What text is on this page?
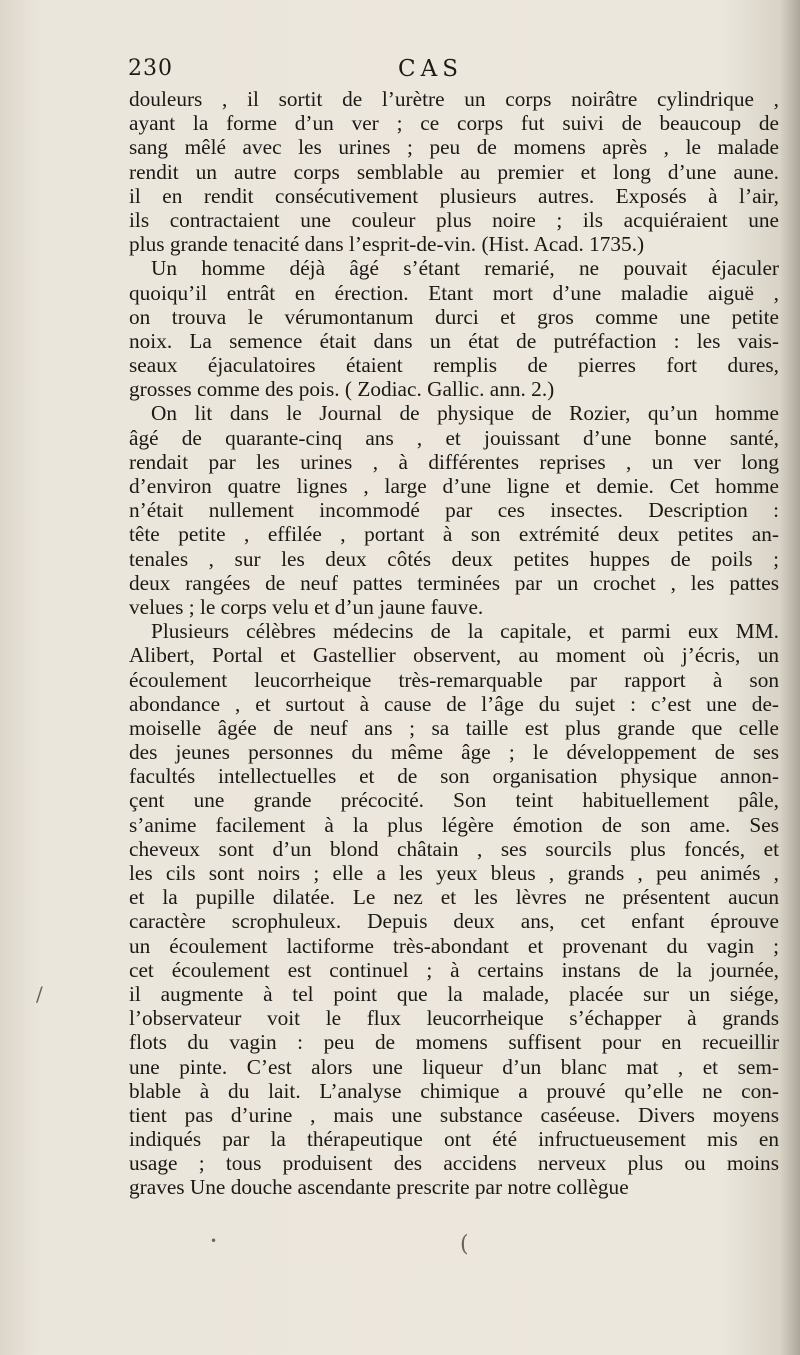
230	CAS
douleurs , il sortit de l’urètre un corps noirâtre cylindrique ,
ayant la forme d’un ver ; ce corps fut suivi de beaucoup de
sang mêlé avec les urines ; peu de momens après , le malade
rendit un autre corps semblable au premier et long d’une aune.
il en rendit consécutivement plusieurs autres. Exposés à l’air,
ils contractaient une couleur plus noire ; ils acquiéraient une
plus grande tenacité dans l’esprit-de-vin. (Hist. Acad. 1735.)
Un homme déjà âgé s’étant remarié, ne pouvait éjaculer
quoiqu’il entrât en érection. Etant mort d’une maladie aiguë ,
on trouva le vérumontanum durci et gros comme une petite
noix. La semence était dans un état de putréfaction : les vais-
seaux éjaculatoires étaient remplis de pierres fort dures,
grosses comme des pois. ( Zodiac. Gallic. ann. 2.)
On lit dans le Journal de physique de Rozier, qu’un homme
âgé de quarante-cinq ans , et jouissant d’une bonne santé,
rendait par les urines , à différentes reprises , un ver long
d’environ quatre lignes , large d’une ligne et demie. Cet homme
n’était nullement incommodé par ces insectes. Description :
tête petite , effilée , portant à son extrémité deux petites an-
tenales , sur les deux côtés deux petites huppes de poils ;
deux rangées de neuf pattes terminées par un crochet , les pattes
velues ; le corps velu et d’un jaune fauve.
Plusieurs célèbres médecins de la capitale, et parmi eux MM.
Alibert, Portal et Gastellier observent, au moment où j’écris, un
écoulement leucorrheique très-remarquable par rapport à son
abondance , et surtout à cause de l’âge du sujet : c’est une de-
moiselle âgée de neuf ans ; sa taille est plus grande que celle
des jeunes personnes du même âge ; le développement de ses
facultés intellectuelles et de son organisation physique annon-
çent une grande précocité. Son teint habituellement pâle,
s’anime facilement à la plus légère émotion de son ame. Ses
cheveux sont d’un blond châtain , ses sourcils plus foncés, et
les cils sont noirs ; elle a les yeux bleus , grands , peu animés ,
et la pupille dilatée. Le nez et les lèvres ne présentent aucun
caractère scrophuleux. Depuis deux ans, cet enfant éprouve
un écoulement lactiforme très-abondant et provenant du vagin ;
cet écoulement est continuel ; à certains instans de la journée,
il augmente à tel point que la malade, placée sur un siége,
l’observateur voit le flux leucorrheique s’échapper à grands
flots du vagin : peu de momens suffisent pour en recueillir
une pinte. C’est alors une liqueur d’un blanc mat , et sem-
blable à du lait. L’analyse chimique a prouvé qu’elle ne con-
tient pas d’urine , mais une substance caséeuse. Divers moyens
indiqués par la thérapeutique ont été infructueusement mis en
usage ; tous produisent des accidens nerveux plus ou moins
graves Une douche ascendante prescrite par notre collègue
/
•	(
